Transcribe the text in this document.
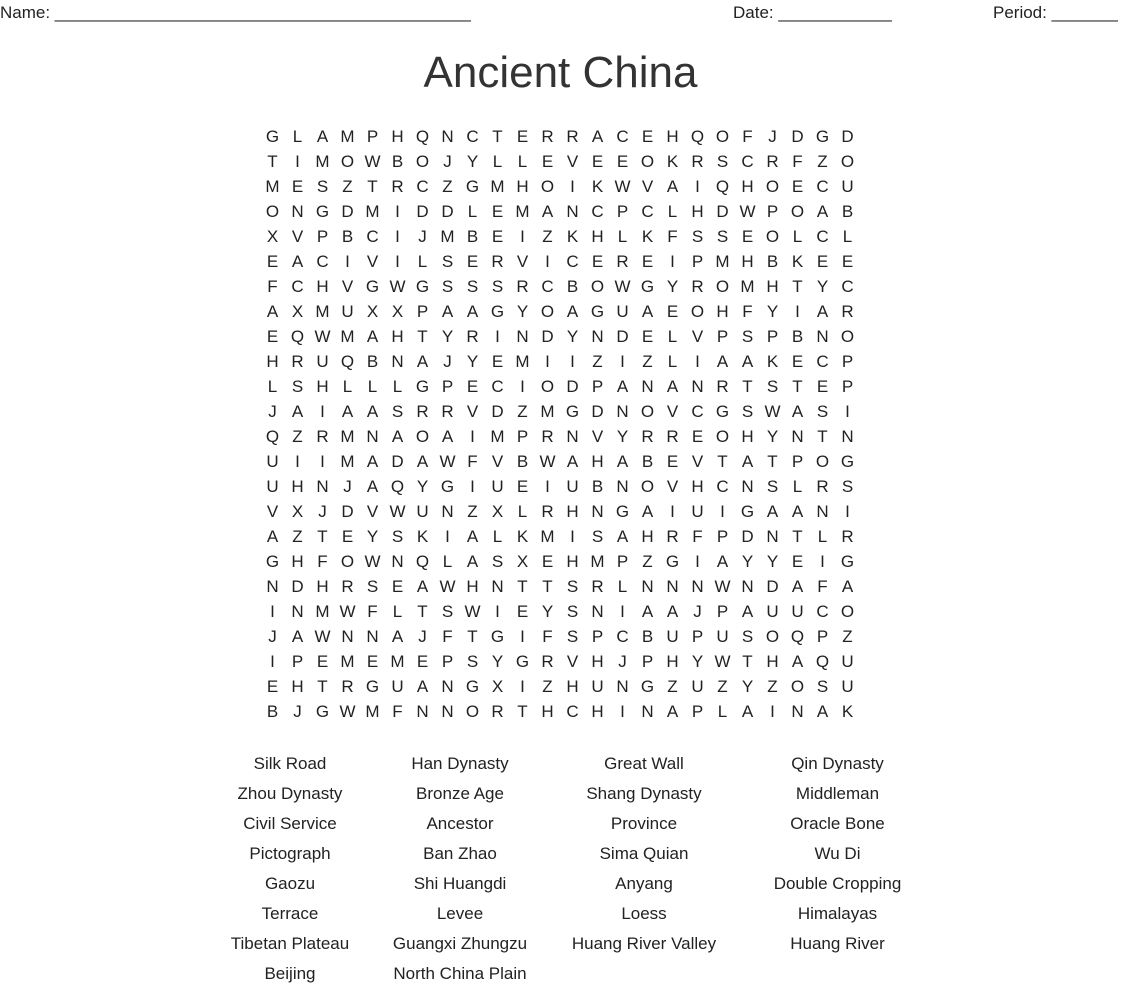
Name: ____________________________________________	Date: ____________	Period: _______
Ancient China
G L A M P H Q N C T E R R A C E H Q O F J D G D
T	I M O W B O J Y L L E V E E O K R S C R F Z O
M E S Z T R C Z G M H O I K W V A I Q H O E C U
O N G D M I D D L E M A N C P C L H D W P O A B
X V P B C I	J M B E I	Z K H L K F S S E O L C L
E A C I V I	L S E R V I C E R E I P M H B K E E
F C H V G W G S S S R C B O W G Y R O M H T Y C
A X M U X X P A A G Y O A G U A E O H F Y I A R
E Q W M A H T Y R I N D Y N D E L V P S P B N O
H R U Q B N A J Y E M I	I	Z	I	Z L	I A A K E C P
L S H L L L G P E C I O D P A N A N R T S T E P
J A I A A S R R V D Z M G D N O V C G S W A S I
Q Z R M N A O A I M P R N V Y R R E O H Y N T N
U I	I M A D A W F V B W A H A B E V T A T P O G
U H N J A Q Y G I U E I U B N O V H C N S L R S
V X J D V W U N Z X L R H N G A I U I G A A N I
A Z T E Y S K I A L K M I S A H R F P D N T L R
G H F O W N Q L A S X E H M P Z G I A Y Y E I G
N D H R S E A W H N T T S R L N N N W N D A F A
I N M W F L T S W I E Y S N I A A J P A U U C O
J A W N N A J F T G I	F S P C B U P U S O Q P Z
I P E M E M E P S Y G R V H J P H Y W T H A Q U
E H T R G U A N G X I	Z H U N G Z U Z Y Z O S U
B J G W M F N N O R T H C H I N A P L A I N A K
Silk Road	Han Dynasty	Great Wall	Qin Dynasty
Zhou Dynasty	Bronze Age	Shang Dynasty	Middleman
Civil Service	Ancestor	Province	Oracle Bone
Pictograph	Ban Zhao	Sima Quian	Wu Di
Gaozu	Shi Huangdi	Anyang	Double Cropping
Terrace	Levee	Loess	Himalayas
Tibetan Plateau	Guangxi Zhungzu	Huang River Valley	Huang River
Beijing	North China Plain
